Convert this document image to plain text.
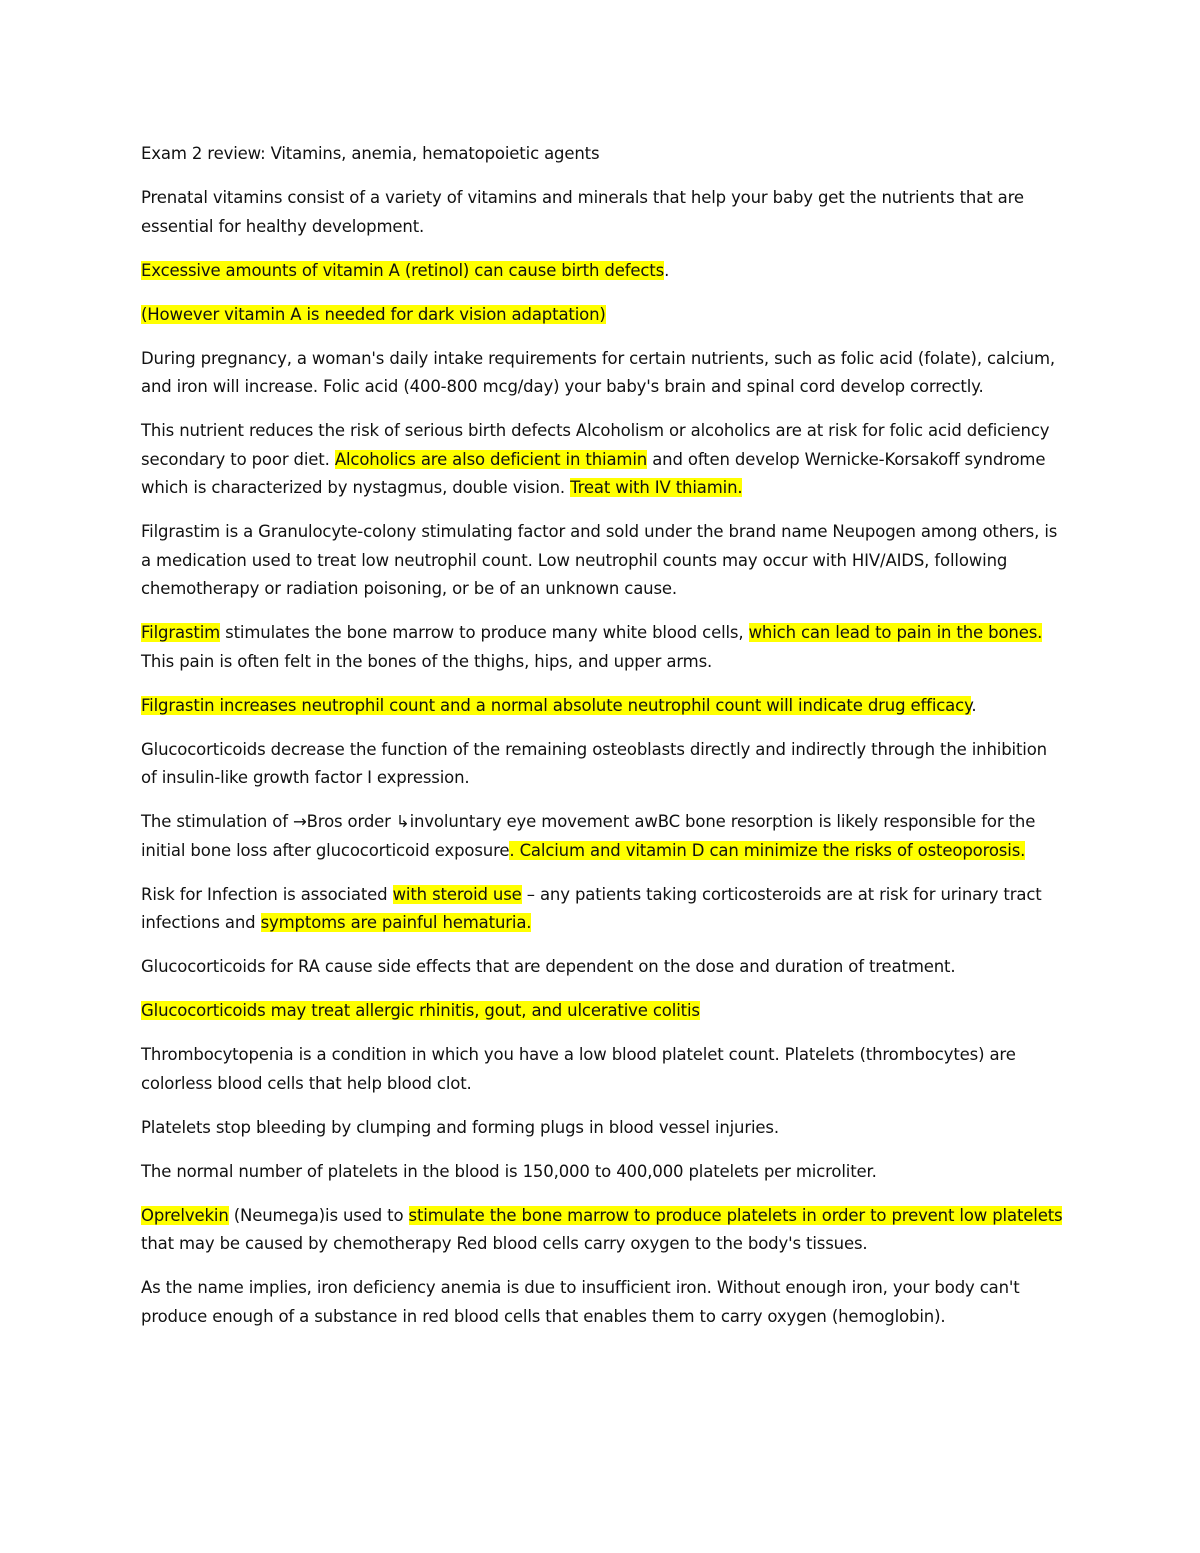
Exam 2 review: Vitamins, anemia, hematopoietic agents

Prenatal vitamins consist of a variety of vitamins and minerals that help your baby get the nutrients that are essential for healthy development.

Excessive amounts of vitamin A (retinol) can cause birth defects.

(However vitamin A is needed for dark vision adaptation)

During pregnancy, a woman's daily intake requirements for certain nutrients, such as folic acid (folate), calcium, and iron will increase. Folic acid (400-800 mcg/day) your baby's brain and spinal cord develop correctly.

This nutrient reduces the risk of serious birth defects Alcoholism or alcoholics are at risk for folic acid deficiency secondary to poor diet. Alcoholics are also deficient in thiamin and often develop Wernicke-Korsakoff syndrome which is characterized by nystagmus, double vision. Treat with IV thiamin.

Filgrastim is a Granulocyte-colony stimulating factor and sold under the brand name Neupogen among others, is a medication used to treat low neutrophil count. Low neutrophil counts may occur with HIV/AIDS, following chemotherapy or radiation poisoning, or be of an unknown cause.

Filgrastim stimulates the bone marrow to produce many white blood cells, which can lead to pain in the bones. This pain is often felt in the bones of the thighs, hips, and upper arms.

Filgrastin increases neutrophil count and a normal absolute neutrophil count will indicate drug efficacy.

Glucocorticoids decrease the function of the remaining osteoblasts directly and indirectly through the inhibition of insulin-like growth factor I expression.

The stimulation of →Bros order ↳involuntary eye movement awBC bone resorption is likely responsible for the initial bone loss after glucocorticoid exposure. Calcium and vitamin D can minimize the risks of osteoporosis.

Risk for Infection is associated with steroid use – any patients taking corticosteroids are at risk for urinary tract infections and symptoms are painful hematuria.

Glucocorticoids for RA cause side effects that are dependent on the dose and duration of treatment.

Glucocorticoids may treat allergic rhinitis, gout, and ulcerative colitis

Thrombocytopenia is a condition in which you have a low blood platelet count. Platelets (thrombocytes) are colorless blood cells that help blood clot.

Platelets stop bleeding by clumping and forming plugs in blood vessel injuries.

The normal number of platelets in the blood is 150,000 to 400,000 platelets per microliter.

Oprelvekin (Neumega)is used to stimulate the bone marrow to produce platelets in order to prevent low platelets that may be caused by chemotherapy Red blood cells carry oxygen to the body's tissues.

As the name implies, iron deficiency anemia is due to insufficient iron. Without enough iron, your body can't produce enough of a substance in red blood cells that enables them to carry oxygen (hemoglobin).
